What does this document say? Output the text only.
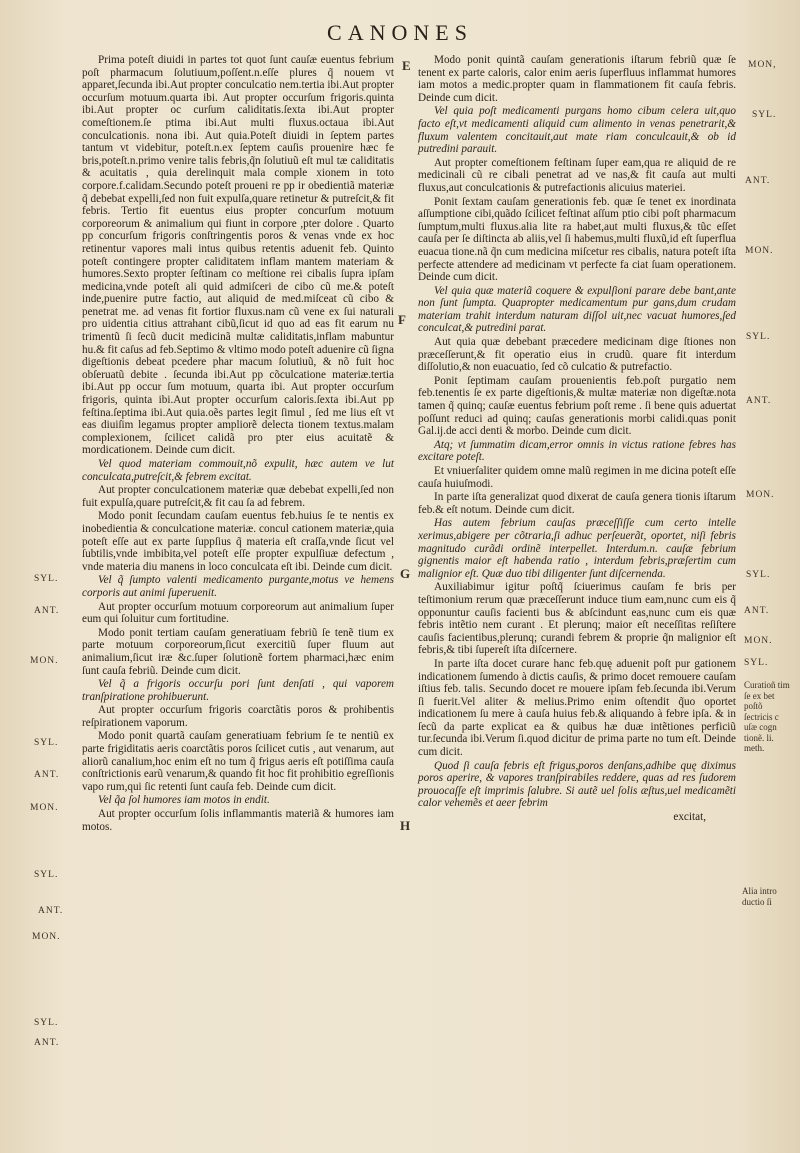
CANONES

Prima poteſt diuidi in partes tot quot ſunt cauſæ euentus febrium poſt pharmacum ſolutiuum,poſſent.n.eſſe plures q̃ nouem vt apparet,ſecunda ibi.Aut propter conculcatio nem.tertia ibi.Aut propter occurſum motuum.quarta ibi. Aut propter occurſum frigoris.quinta ibi.Aut propter oc curſum caliditatis.ſexta ibi.Aut propter comeſtionem.ſe ptima ibi.Aut multi fluxus.octaua ibi.Aut conculcationis. nona ibi. Aut quia.Poteſt diuidi in ſeptem partes tantum vt videbitur, poteſt.n.ex ſeptem cauſis prouenire hæc fe bris,poteſt.n.primo venire talis febris,q̃n ſolutiuũ eſt mul tæ caliditatis & acuitatis , quia derelinquit mala comple xionem in toto corpore.f.calidam.Secundo poteſt proueni re pp ir obedientiã materiæ q̃ debebat expelli,ſed non fuit expulſa,quare retinetur & putreſcit,& fit febris. Tertio fit euentus eius propter concurſum motuum corporeorum & animalium qui fiunt in corpore ,pter dolore . Quarto pp concurſum frigoris conſtringentis poros & venas vnde ex hoc retinentur vapores mali intus quibus retentis aduenit feb. Quinto poteſt contingere propter caliditatem inflam mantem materiam & humores.Sexto propter ſeſtinam co meſtione rei cibalis ſupra ipſam medicina,vnde poteſt ali quid admiſceri de cibo cũ me.& poteſt inde,puenire putre factio, aut aliquid de med.miſceat cũ cibo & penetrat me. ad venas fit fortior fluxus.nam cũ vene ex ſui naturali pro uidentia citius attrahant cibũ,ſicut id quo ad eas fit earum nu trimentũ ſi ſecũ ducit medicinã multæ caliditatis,inflam mabuntur hu.& fit caſus ad feb.Septimo & vltimo modo poteſt aduenire cũ ſigna digeſtionis debeat pcedere phar macum ſolutiuũ, & nõ fuit hoc obſeruatũ debite . ſecunda ibi.Aut pp cõculcatione materiæ.tertia ibi.Aut pp occur ſum motuum, quarta ibi. Aut propter occurſum frigoris, quinta ibi.Aut propter occurſum caloris.ſexta ibi.Aut pp feſtina.ſeptima ibi.Aut quia.oẽs partes legit ſimul , ſed me lius eſt vt eas diuiſim legamus propter ampliorẽ delecta tionem textus.malam complexionem, ſcilicet calidã pro pter eius acuitatẽ & mordicationem. Deinde cum dicit.

Vel quod materiam commouit,nõ expulit, hæc autem ve lut conculcata,putreſcit,& febrem excitat.

Aut propter conculcationem materiæ quæ debebat expelli,ſed non fuit expulſa,quare putreſcit,& fit cau ſa ad febrem.

Modo ponit ſecundam cauſam euentus feb.huius ſe te nentis ex inobedientia & conculcatione materiæ. concul cationem materiæ,quia poteſt eſſe aut ex parte ſuppſius q̃ materia eſt craſſa,vnde ſicut vel ſubtilis,vnde imbibita,vel poteſt eſſe propter expulſiuæ defectum , vnde materia diu manens in loco conculcata eſt ibi. Deinde cum dicit.

Vel q̃ ſumpto valenti medicamento purgante,motus ve hemens corporis aut animi ſuperuenit.

Aut propter occurſum motuum corporeorum aut animalium ſuper eum qui ſoluitur cum fortitudine.

Modo ponit tertiam cauſam generatiuam febriũ ſe tenẽ tium ex parte motuum corporeorum,ſicut exercitiũ ſuper fluum aut animalium,ſicut iræ &c.ſuper ſolutionẽ fortem pharmaci,hæc enim ſunt cauſa febriũ. Deinde cum dicit.

Vel q̃ a frigoris occurſu pori ſunt denſati , qui vaporem tranſpiratione prohibuerunt.

Aut propter occurſum frigoris coarctãtis poros & prohibentis reſpirationem vaporum.

Modo ponit quartã cauſam generatiuam febrium ſe te nentiũ ex parte frigiditatis aeris coarctãtis poros ſcilicet cutis , aut venarum, aut aliorũ canalium,hoc enim eſt no tum q̃ frigus aeris eſt potiſſima cauſa conſtrictionis earũ venarum,& quando fit hoc fit prohibitio egreſſionis vapo rum,qui ſic retenti ſunt cauſa feb. Deinde cum dicit.

Vel q̃a ſol humores iam motos in endit.

Aut propter occurſum ſolis inflammantis materiã & humores iam motos.

Modo ponit quintã cauſam generationis iſtarum febriũ quæ ſe tenent ex parte caloris, calor enim aeris ſuperfluus inflammat humores iam motos a medic.propter quam in flammationem fit cauſa febris. Deinde cum dicit.

Vel quia poſt medicamenti purgans homo cibum celera uit,quo facto eſt,vt medicamenti aliquid cum alimento in venas penetrarit,& fluxum valentem concitauit,aut mate riam conculcauit,& ob id putredini parauit.

Aut propter comeſtionem feſtinam ſuper eam,qua re aliquid de re medicinali cũ re cibali penetrat ad ve nas,& fit cauſa aut multi fluxus,aut conculcationis & putrefactionis alicuius materiei.

Ponit ſextam cauſam generationis feb. quæ ſe tenet ex inordinata aſſumptione cibi,quãdo ſcilicet feſtinat aſſum ptio cibi poſt pharmacum ſumptum,multi fluxus.alia lite ra habet,aut multi fluxus,& tũc eſſet cauſa per ſe diſtincta ab aliis,vel ſi habemus,multi fluxũ,id eſt ſuperflua euacua tione.nã q̃n cum medicina miſcetur res cibalis, natura poteſt iſta perfecte attendere ad medicinam vt perfecte fa ciat ſuam operationem. Deinde cum dicit.

Vel quia quæ materiã coquere & expulſioni parare debe bant,ante non ſunt ſumpta. Quapropter medicamentum pur gans,dum crudam materiam trahit interdum naturam diſſol uit,nec vacuat humores,ſed conculcat,& putredini parat.

Aut quia quæ debebant præcedere medicinam dige ſtiones non præceſſerunt,& fit operatio eius in crudũ. quare fit interdum diſſolutio,& non euacuatio, ſed cõ culcatio & putrefactio.

Ponit ſeptimam cauſam prouenientis feb.poſt purgatio nem feb.tenentis ſe ex parte digeſtionis,& multæ materiæ non digeſtæ.nota tamen q̃ quinq; cauſæ euentus febrium poſt reme . ſi bene quis aduertat poſſunt reduci ad quinq; cauſas generationis morbi calidi.quas ponit Gal.ij.de acci denti & morbo. Deinde cum dicit.

Atq; vt ſummatim dicam,error omnis in victus ratione febres has excitare poteſt.

Et vniuerſaliter quidem omne malũ regimen in me dicina poteſt eſſe cauſa huiuſmodi.

In parte iſta generalizat quod dixerat de cauſa genera tionis iſtarum feb.& eſt notum. Deinde cum dicit.

Has autem febrium cauſas præceſſiſſe cum certo intelle xerimus,abigere per cõtraria,ſi adhuc perſeuerãt, oportet, niſi febris magnitudo curãdi ordinẽ interpellet. Interdum.n. cauſæ febrium gignentis maior eſt habenda ratio , interdum febris,præſertim cum malignior eſt. Quæ duo tibi diligenter ſunt diſcernenda.

Auxiliabimur igitur poſtq̃ ſciuerimus cauſam fe bris per teſtimonium rerum quæ præceſſerunt induce tium eam,nunc cum eis q̃ opponuntur cauſis facienti bus & abſcindunt eas,nunc cum eis quæ febris intẽtio nem curant . Et plerunq; maior eſt neceſſitas reſiſtere cauſis facientibus,plerunq; curandi febrem & proprie q̃n malignior eſt febris,& tibi ſupereſt iſta diſcernere.

In parte iſta docet curare hanc feb.quę aduenit poſt pur gationem indicationem ſumendo à dictis cauſis, & primo docet remouere cauſam iſtius feb. talis. Secundo docet re mouere ipſam feb.ſecunda ibi.Verum ſi fuerit.Vel aliter & melius.Primo enim oſtendit q̃uo oportet indicationem ſu mere à cauſa huius feb.& aliquando à febre ipſa. & in ſecũ da parte explicat ea & quibus hæ duæ intẽtiones perficiũ tur.ſecunda ibi.Verum ſi.quod dicitur de prima parte no tum eſt. Deinde cum dicit.

Quod ſi cauſa febris eſt frigus,poros denſans,adhibe quę diximus poros aperire, & vapores tranſpirabiles reddere, quas ad res ſudorem prouocaſſe eſt imprimis ſalubre. Si autẽ uel ſolis æſtus,uel medicamẽti calor vehemẽs et aeer febrim

excitat,

MON,
SYL.
ANT.
MON.
SYL.
ANT.
MON.
SYL.
ANT.
MON.
SYL.
SYL.
ANT.
MON.
SYL.
ANT.
MON.
SYL.
ANT.
MON.
SYL.
ANT.
E
F
G
H
Curatioñ tim ſe ex bet poſtõ ſectricis c uſæ cogn tionẽ. li. meth.
Alia intro ductio ſi
